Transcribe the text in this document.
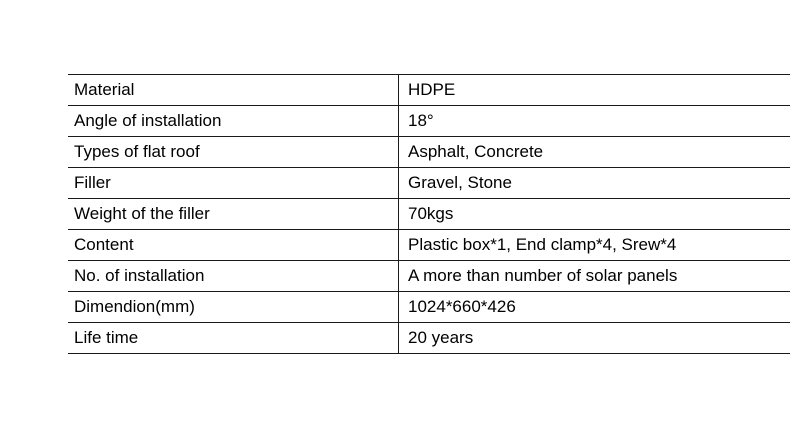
Material	HDPE
Angle of installation	18°
Types of flat roof	Asphalt, Concrete
Filler	Gravel, Stone
Weight of the filler	70kgs
Content	Plastic box*1, End clamp*4, Srew*4
No. of installation	A more than number of solar panels
Dimendion(mm)	1024*660*426
Life time	20 years
